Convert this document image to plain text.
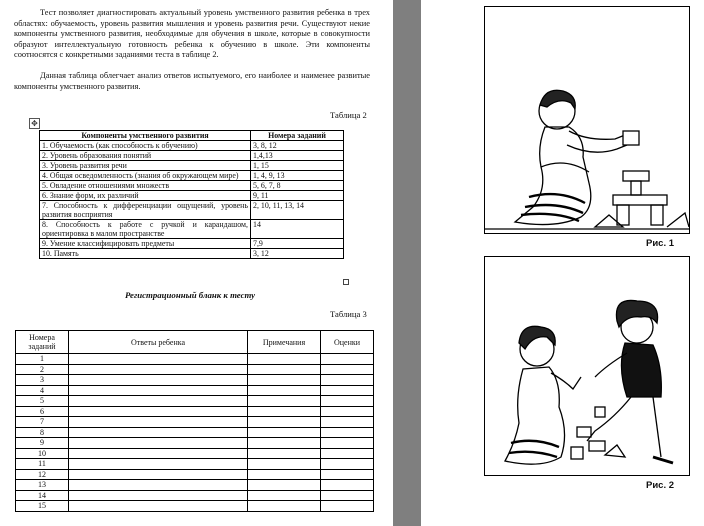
Тест позволяет диагностировать актуальный уровень умственного развития ребенка в трех областях: обучаемость, уровень развития мышления и уровень развития речи. Существуют некие компоненты умственного развития, необходимые для обучения в школе, которые в совокупности образуют интеллектуальную готовность ребенка к обучению в школе. Эти компоненты соотносятся с конкретными заданиями теста в таблице 2.

Данная таблица облегчает анализ ответов испытуемого, его наиболее и наименее развитые компоненты умственного развития.

Таблица 2
✥
Компоненты умственного развития	Номера заданий
1. Обучаемость (как способность к обучению)	3, 8, 12
2. Уровень образования понятий	1,4,13
3. Уровень развития речи	1, 15
4. Общая осведомленность (знания об окружающем мире)	1, 4, 9, 13
5. Овладение отношениями множеств	5, 6, 7, 8
6. Знание форм, их различий	9, 11
7. Способность к дифференциации ощущений, уровень развития восприятия	2, 10, 11, 13, 14
8. Способность к работе с ручкой и карандашом, ориентировка в малом пространстве	14
9. Умение классифицировать предметы	7,9
10. Память	3, 12
Регистрационный бланк к тесту
Таблица 3
Номера заданий	Ответы ребенка	Примечания	Оценки
1			
2			
3			
4			
5			
6			
7			
8			
9			
10			
11			
12			
13			
14			
15			
Рис. 1
Рис. 2
